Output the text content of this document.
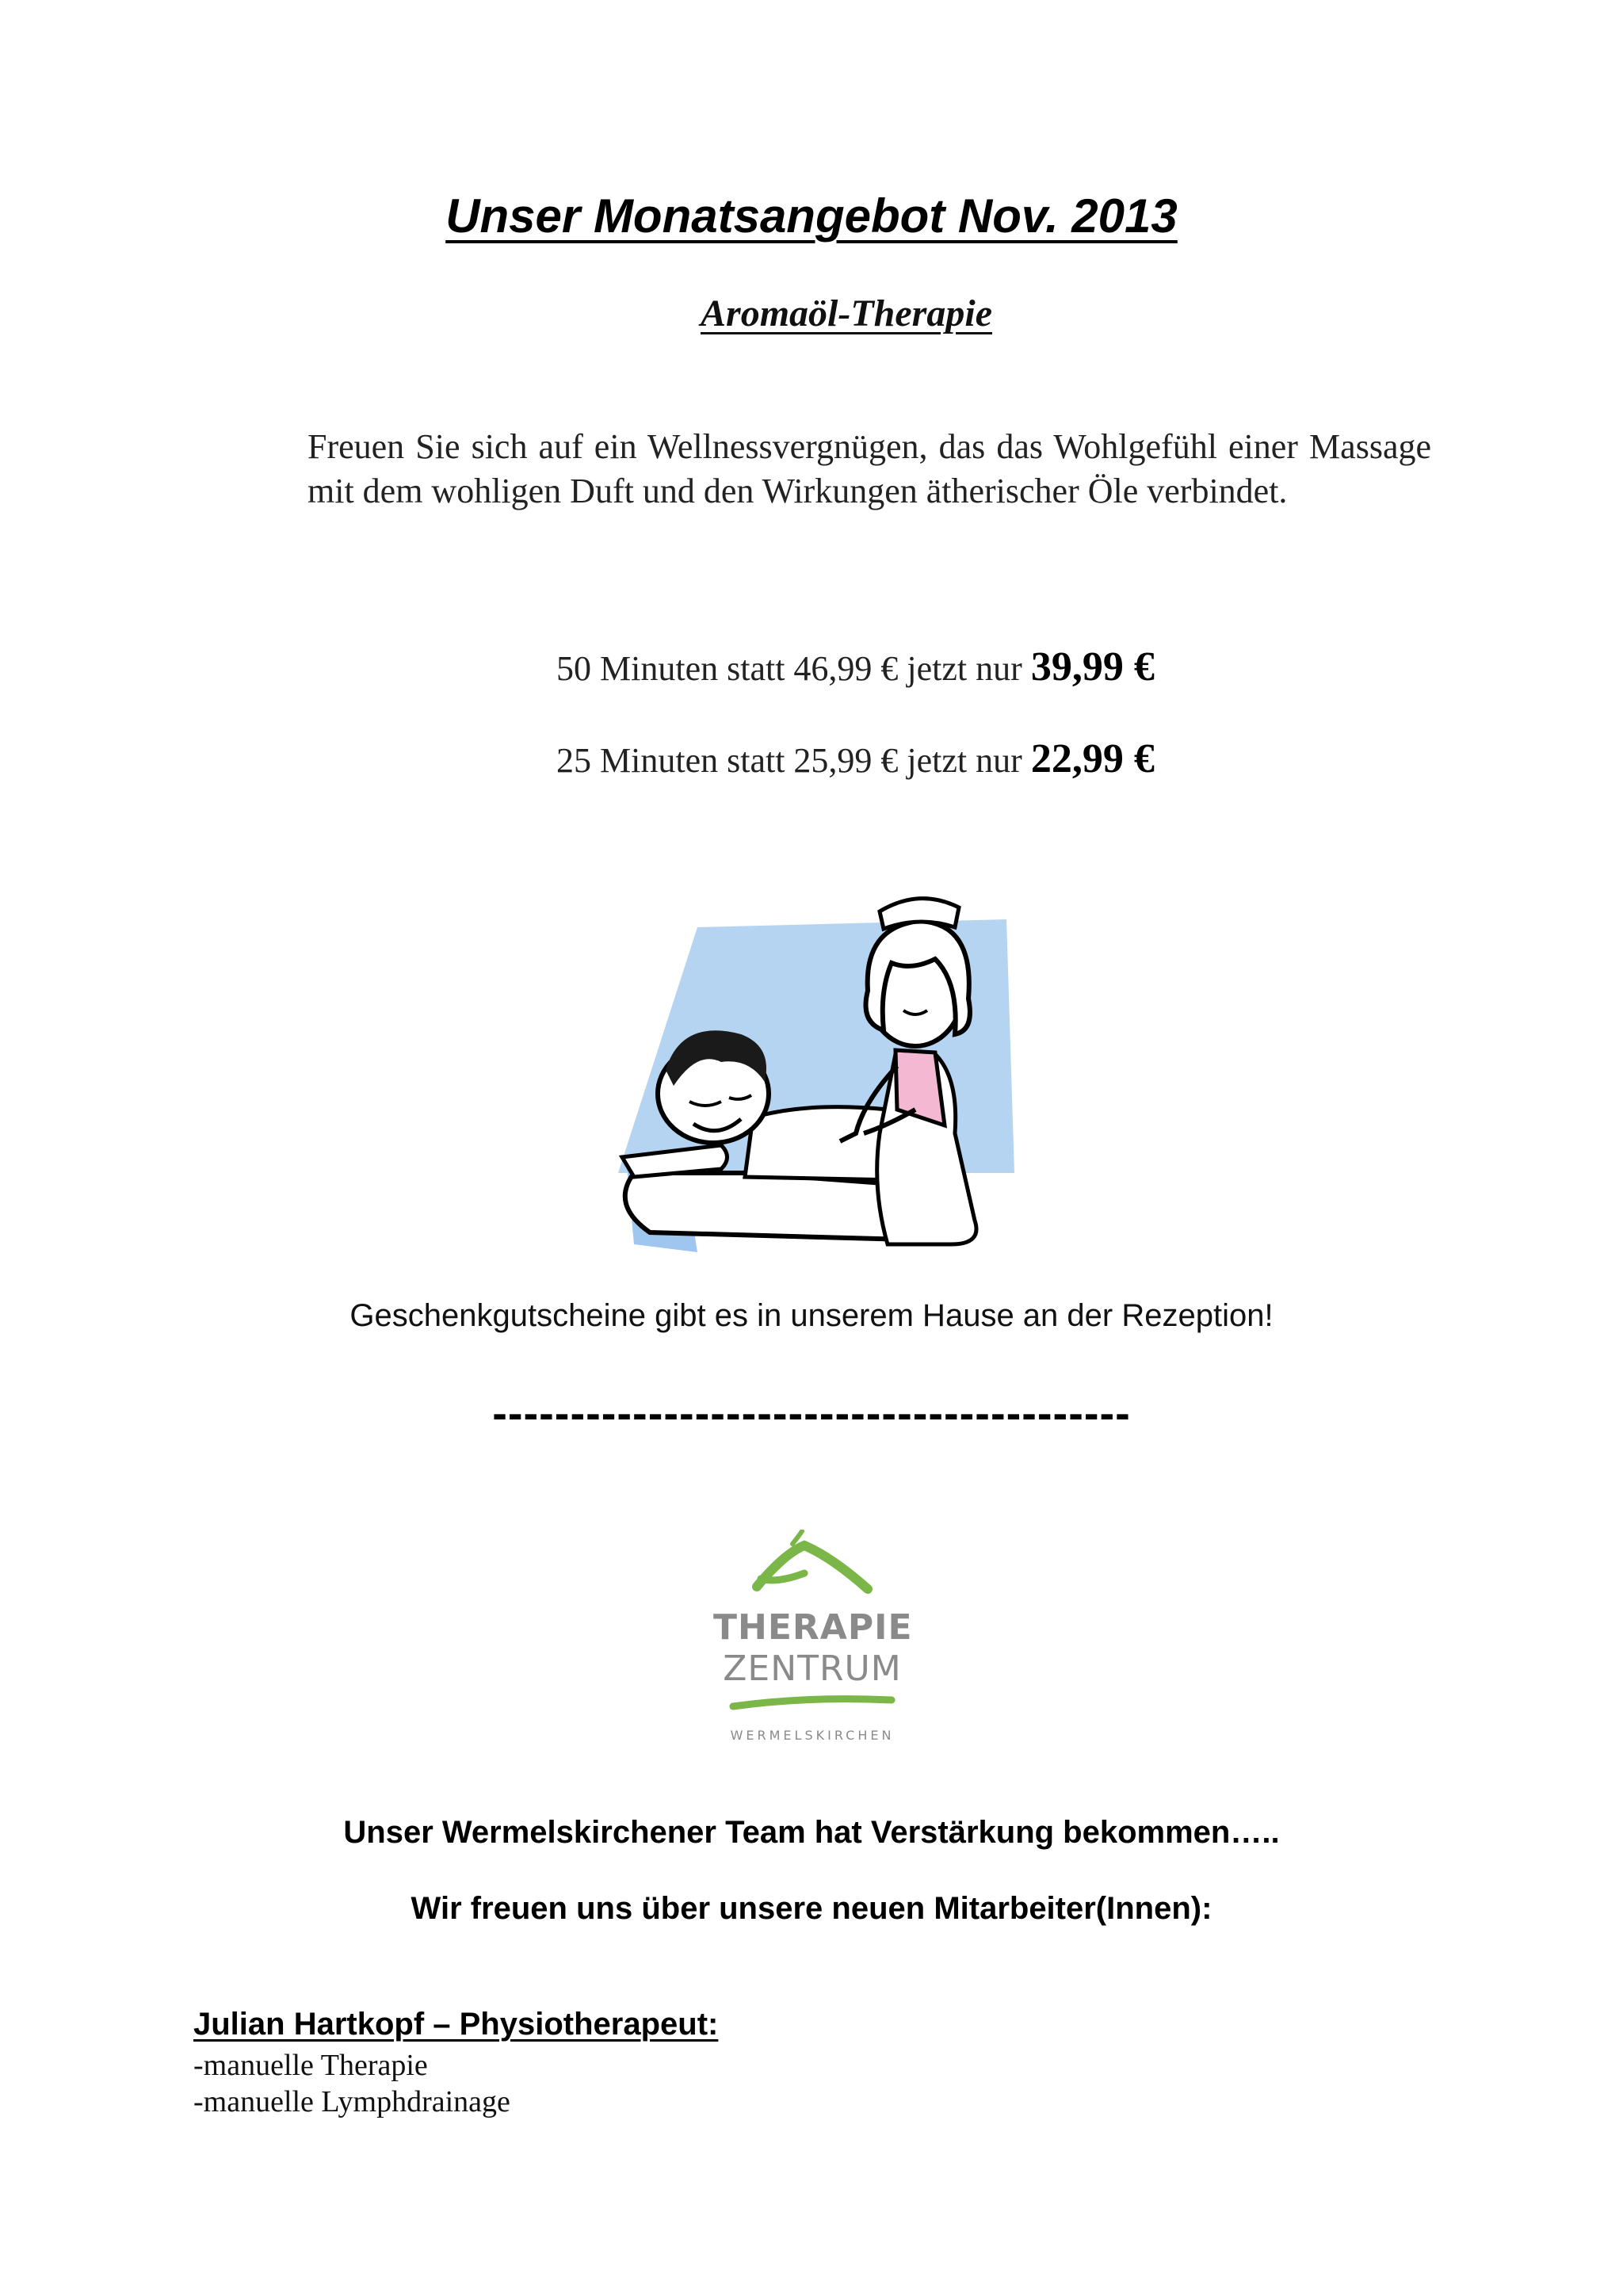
Unser Monatsangebot Nov. 2013
Aromaöl-Therapie
Freuen Sie sich auf ein Wellnessvergnügen, das das Wohlgefühl einer Massage mit dem wohligen Duft und den Wirkungen ätherischer Öle verbindet.
50 Minuten statt 46,99 € jetzt nur 39,99 €
25 Minuten statt 25,99 € jetzt nur 22,99 €
Geschenkgutscheine gibt es in unserem Hause an der Rezeption!
-----------------------------------------
THERAPIE
ZENTRUM
WERMELSKIRCHEN
Unser Wermelskirchener Team hat Verstärkung bekommen…..
Wir freuen uns über unsere neuen Mitarbeiter(Innen):
Julian Hartkopf – Physiotherapeut:
-manuelle Therapie
-manuelle Lymphdrainage
